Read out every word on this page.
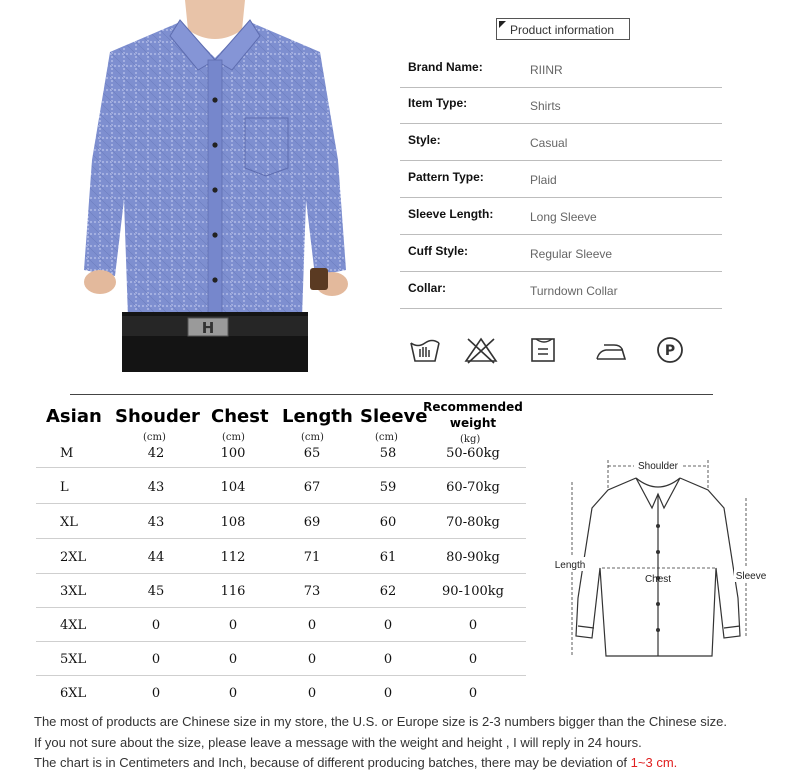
H
Product information
Brand Name:	RIINR
Item Type:	Shirts
Style:	Casual
Pattern Type:	Plaid
Sleeve Length:	Long Sleeve
Cuff Style:	Regular Sleeve
Collar:	Turndown Collar
P
Asian Shouder Chest Length Sleeve
Recommended weight
(cm)	(cm)	(cm)	(cm)	(kg)
M	42	100	65	58	50-60kg
L	43	104	67	59	60-70kg
XL	43	108	69	60	70-80kg
2XL	44	112	71	61	80-90kg
3XL	45	116	73	62	90-100kg
4XL	0	0	0	0	0
5XL	0	0	0	0	0
6XL	0	0	0	0	0
Shoulder
Chest
Length
Sleeve
The most of products are Chinese size in my store, the U.S. or Europe size is 2-3 numbers bigger than the Chinese size.
If you not sure about the size, please leave a message with the weight and height , I will reply in 24 hours.
The chart is in Centimeters and Inch, because of different producing batches, there may be deviation of 1~3 cm.
